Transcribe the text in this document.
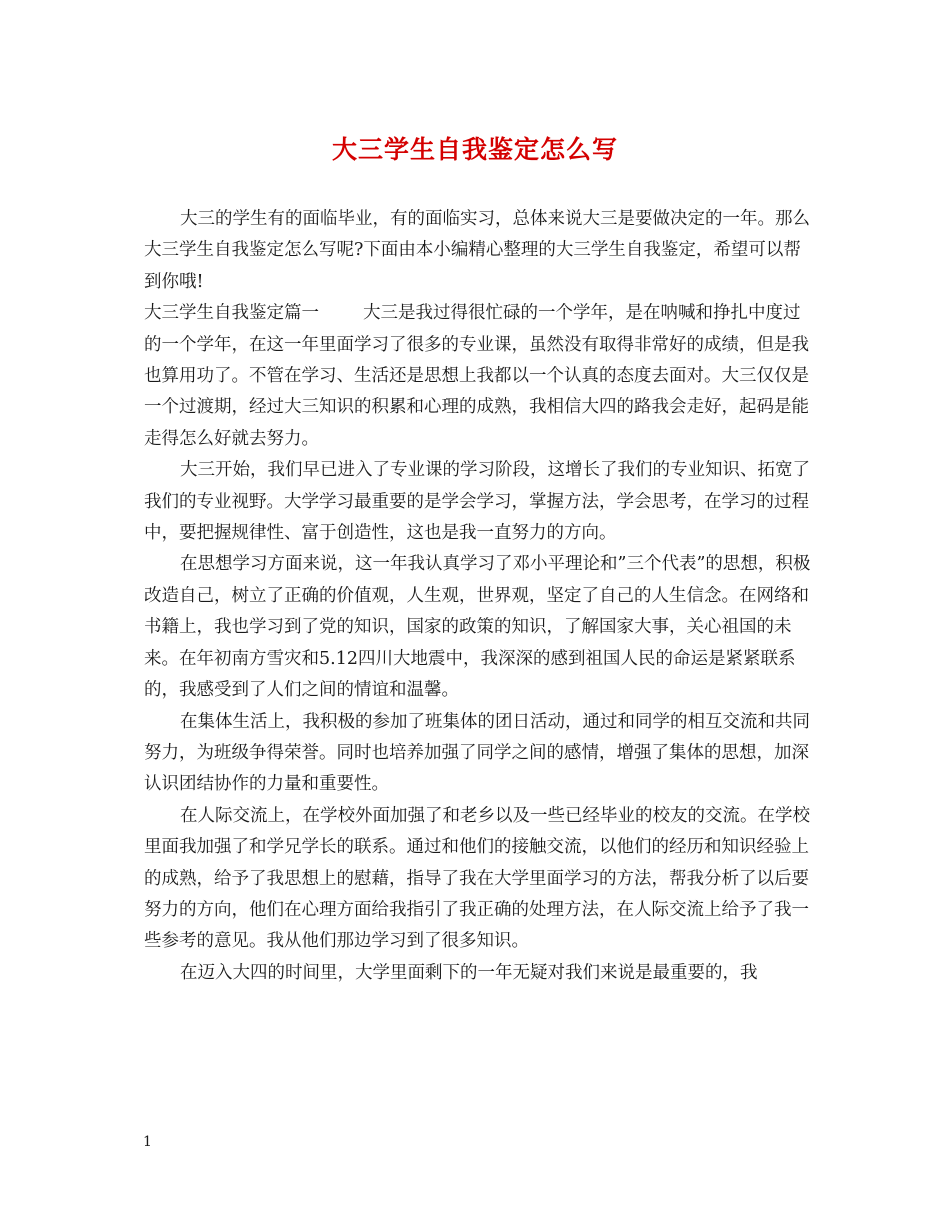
大三学生自我鉴定怎么写

大三的学生有的面临毕业，有的面临实习，总体来说大三是要做决定的一年。那么大三学生自我鉴定怎么写呢?下面由本小编精心整理的大三学生自我鉴定，希望可以帮到你哦!

大三学生自我鉴定篇一	大三是我过得很忙碌的一个学年，是在呐喊和挣扎中度过的一个学年，在这一年里面学习了很多的专业课，虽然没有取得非常好的成绩，但是我也算用功了。不管在学习、生活还是思想上我都以一个认真的态度去面对。大三仅仅是一个过渡期，经过大三知识的积累和心理的成熟，我相信大四的路我会走好，起码是能走得怎么好就去努力。

大三开始，我们早已进入了专业课的学习阶段，这增长了我们的专业知识、拓宽了我们的专业视野。大学学习最重要的是学会学习，掌握方法，学会思考，在学习的过程中，要把握规律性、富于创造性，这也是我一直努力的方向。

在思想学习方面来说，这一年我认真学习了邓小平理论和”三个代表”的思想，积极改造自己，树立了正确的价值观，人生观，世界观，坚定了自己的人生信念。在网络和书籍上，我也学习到了党的知识，国家的政策的知识，了解国家大事，关心祖国的未来。在年初南方雪灾和5.12四川大地震中，我深深的感到祖国人民的命运是紧紧联系的，我感受到了人们之间的情谊和温馨。

在集体生活上，我积极的参加了班集体的团日活动，通过和同学的相互交流和共同努力，为班级争得荣誉。同时也培养加强了同学之间的感情，增强了集体的思想，加深认识团结协作的力量和重要性。

在人际交流上，在学校外面加强了和老乡以及一些已经毕业的校友的交流。在学校里面我加强了和学兄学长的联系。通过和他们的接触交流，以他们的经历和知识经验上的成熟，给予了我思想上的慰藉，指导了我在大学里面学习的方法，帮我分析了以后要努力的方向，他们在心理方面给我指引了我正确的处理方法，在人际交流上给予了我一些参考的意见。我从他们那边学习到了很多知识。

在迈入大四的时间里，大学里面剩下的一年无疑对我们来说是最重要的，我

1
